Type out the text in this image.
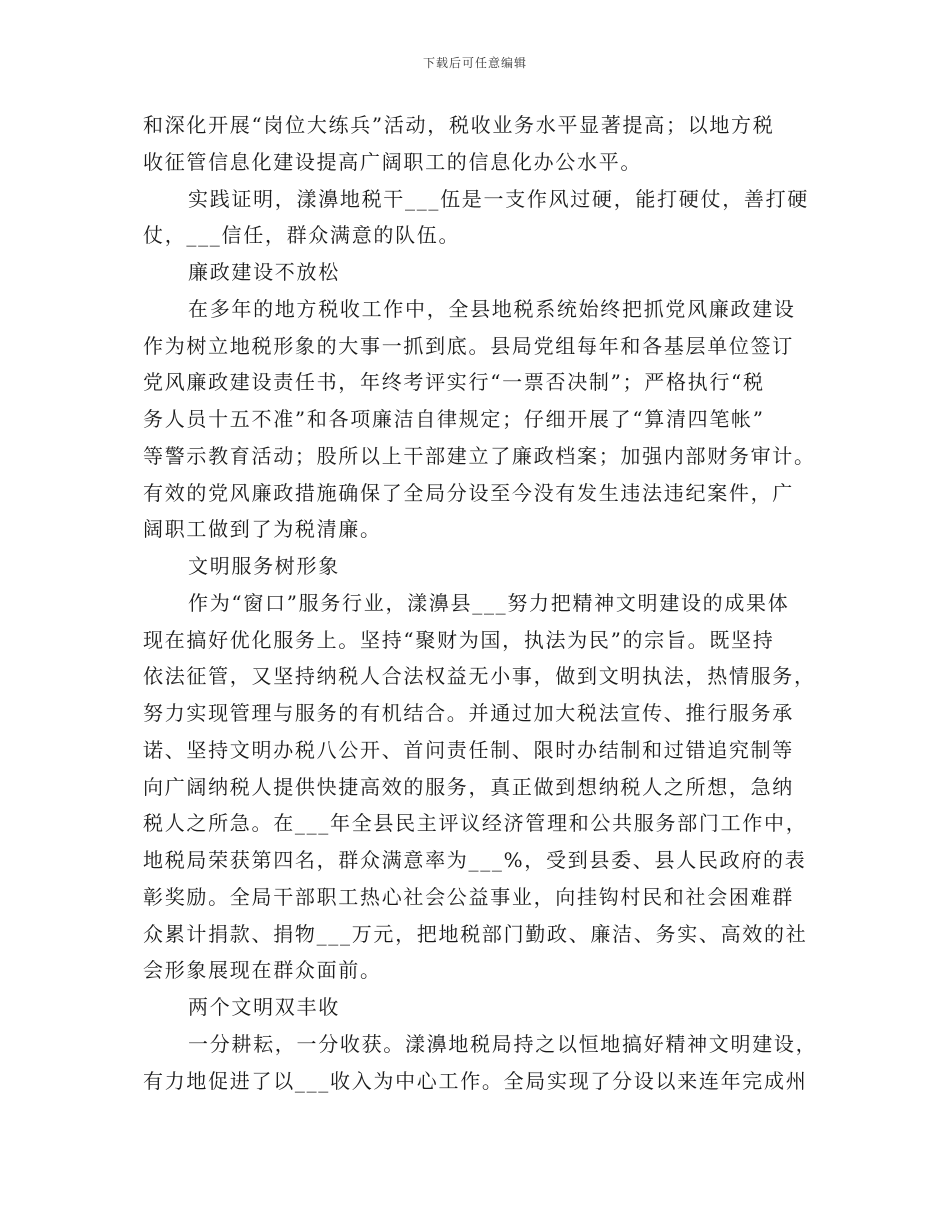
下载后可任意编辑
和深化开展“岗位大练兵”活动，税收业务水平显著提高；以地方税
收征管信息化建设提高广阔职工的信息化办公水平。
实践证明，漾濞地税干___伍是一支作风过硬，能打硬仗，善打硬
仗，___信任，群众满意的队伍。
廉政建设不放松
在多年的地方税收工作中，全县地税系统始终把抓党风廉政建设
作为树立地税形象的大事一抓到底。县局党组每年和各基层单位签订
党风廉政建设责任书，年终考评实行“一票否决制”；严格执行“税
务人员十五不准”和各项廉洁自律规定；仔细开展了“算清四笔帐”
等警示教育活动；股所以上干部建立了廉政档案；加强内部财务审计。
有效的党风廉政措施确保了全局分设至今没有发生违法违纪案件，广
阔职工做到了为税清廉。
文明服务树形象
作为“窗口”服务行业，漾濞县___努力把精神文明建设的成果体
现在搞好优化服务上。坚持“聚财为国，执法为民”的宗旨。既坚持
依法征管，又坚持纳税人合法权益无小事，做到文明执法，热情服务，
努力实现管理与服务的有机结合。并通过加大税法宣传、推行服务承
诺、坚持文明办税八公开、首问责任制、限时办结制和过错追究制等
向广阔纳税人提供快捷高效的服务，真正做到想纳税人之所想，急纳
税人之所急。在___年全县民主评议经济管理和公共服务部门工作中，
地税局荣获第四名，群众满意率为___%，受到县委、县人民政府的表
彰奖励。全局干部职工热心社会公益事业，向挂钩村民和社会困难群
众累计捐款、捐物___万元，把地税部门勤政、廉洁、务实、高效的社
会形象展现在群众面前。
两个文明双丰收
一分耕耘，一分收获。漾濞地税局持之以恒地搞好精神文明建设，
有力地促进了以___收入为中心工作。全局实现了分设以来连年完成州
